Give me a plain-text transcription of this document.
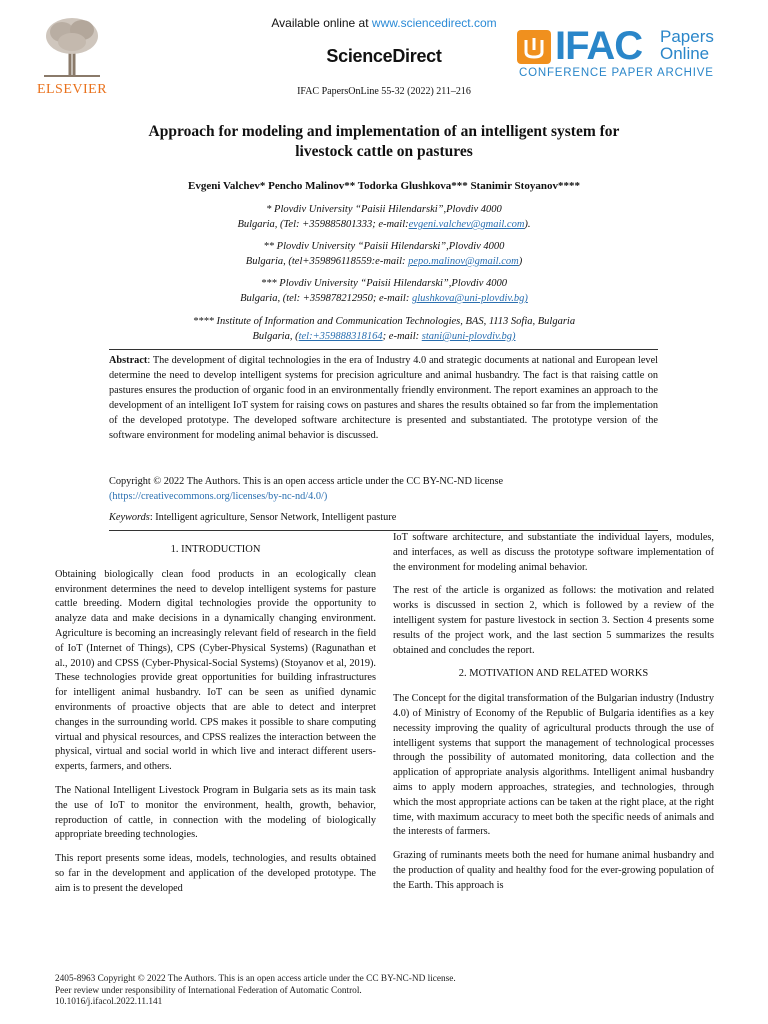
ELSEVIER
Available online at www.sciencedirect.com
ScienceDirect
IFAC PapersOnLine 55-32 (2022) 211–216
IFAC Papers
Online
CONFERENCE PAPER ARCHIVE
Approach for modeling and implementation of an intelligent system for
livestock cattle on pastures
Evgeni Valchev* Pencho Malinov** Todorka Glushkova*** Stanimir Stoyanov****
* Plovdiv University “Paisii Hilendarski”,Plovdiv 4000
Bulgaria, (Tel: +359885801333; e-mail:evgeni.valchev@gmail.com).
** Plovdiv University “Paisii Hilendarski”,Plovdiv 4000
Bulgaria, (tel+359896118559:e-mail: pepo.malinov@gmail.com)
*** Plovdiv University “Paisii Hilendarski”,Plovdiv 4000
Bulgaria, (tel: +359878212950; e-mail: glushkova@uni-plovdiv.bg)
**** Institute of Information and Communication Technologies, BAS, 1113 Sofia, Bulgaria
Bulgaria, (tel:+359888318164; e-mail: stani@uni-plovdiv.bg)
Abstract: The development of digital technologies in the era of Industry 4.0 and strategic documents at national and European level determine the need to develop intelligent systems for precision agriculture and animal husbandry. The fact is that raising cattle on pastures ensures the production of organic food in an environmentally friendly environment. The report examines an approach to the development of an intelligent IoT system for raising cows on pastures and shares the results obtained so far from the implementation of the developed prototype. The developed software architecture is presented and substantiated. The prototype version of the software environment for modeling animal behavior is discussed.
Copyright © 2022 The Authors. This is an open access article under the CC BY-NC-ND license
(https://creativecommons.org/licenses/by-nc-nd/4.0/)
Keywords: Intelligent agriculture, Sensor Network, Intelligent pasture
1. INTRODUCTION

Obtaining biologically clean food products in an ecologically clean environment determines the need to develop intelligent systems for pasture cattle breeding. Modern digital technologies provide the opportunity to analyze data and make decisions in a dynamically changing environment. Agriculture is becoming an increasingly relevant field of research in the field of IoT (Internet of Things), CPS (Cyber-Physical Systems) (Ragunathan et al., 2010) and CPSS (Cyber-Physical-Social Systems) (Stoyanov et al, 2019). These technologies provide great opportunities for building infrastructures for intelligent animal husbandry. IoT can be seen as unified dynamic environments of proactive objects that are able to detect and interpret changes in the surrounding world. CPS makes it possible to share computing virtual and physical resources, and CPSS realizes the interaction between the physical, virtual and social world in which live and interact different users- experts, farmers, and others.

The National Intelligent Livestock Program in Bulgaria sets as its main task the use of IoT to monitor the environment, health, growth, behavior, reproduction of cattle, in connection with the modeling of biologically appropriate breeding technologies.

This report presents some ideas, models, technologies, and results obtained so far in the development and application of the developed prototype. The aim is to present the developed

IoT software architecture, and substantiate the individual layers, modules, and interfaces, as well as discuss the prototype software implementation of the environment for modeling animal behavior.

The rest of the article is organized as follows: the motivation and related works is discussed in section 2, which is followed by a review of the intelligent system for pasture livestock in section 3. Section 4 presents some results of the project work, and the last section 5 summarizes the results obtained and concludes the report.

2. MOTIVATION AND RELATED WORKS

The Concept for the digital transformation of the Bulgarian industry (Industry 4.0) of Ministry of Economy of the Republic of Bulgaria identifies as a key necessity improving the quality of agricultural products through the use of intelligent systems that support the management of technological processes through the possibility of automated monitoring, data collection and the application of appropriate analysis algorithms. Intelligent animal husbandry aims to apply modern approaches, strategies, and technologies, through which the most appropriate actions can be taken at the right place, at the right time, with maximum accuracy to meet both the specific needs of animals and the interests of farmers.

Grazing of ruminants meets both the need for humane animal husbandry and the production of quality and healthy food for the ever-growing population of the Earth. This approach is

2405-8963 Copyright © 2022 The Authors. This is an open access article under the CC BY-NC-ND license.
Peer review under responsibility of International Federation of Automatic Control.
10.1016/j.ifacol.2022.11.141
